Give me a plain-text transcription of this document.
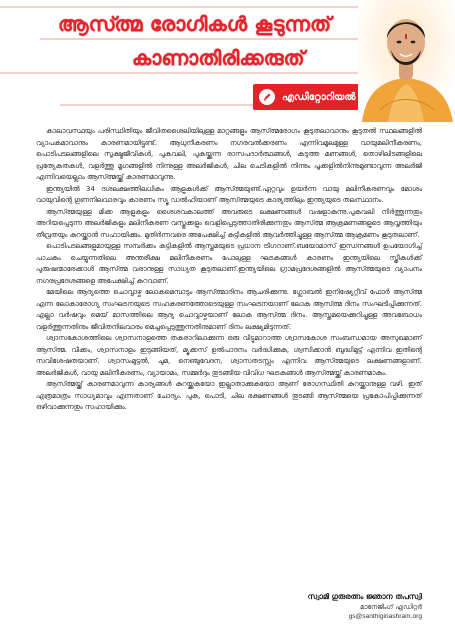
ആസ്ത്മ രോഗികൾ കൂടുന്നത്
കാണാതിരിക്കരുത്
എഡിറ്റോറിയൽ

കാലാവസ്ഥയും പരിസ്ഥിതിയും ജീവിതശൈലിയിലുള്ള മാറ്റങ്ങളും ആസ്ത്മരോഗം കൂടുതലാവാനും കൂടുതൽ സ്ഥലങ്ങളിൽ വ്യാപകമാവാനും കാരണമായിട്ടുണ്ട്. ആധുനീകരണം നഗരവൽക്കരണം എന്നിവമൂലമുള്ള വായുമലിനീകരണം, പൊടിപടലങ്ങളിലെ സൂക്ഷ്മജീവികൾ, പുകവലി, പുകയ്ക്കുന്ന രാസപദാർത്ഥങ്ങൾ, കടുത്ത മണങ്ങൾ, തൊഴിലിടങ്ങളിലെ പ്രത്യേകതകൾ, വളർത്തു മൃഗങ്ങളിൽ നിന്നുള്ള അലർജികൾ, ചില ചെടികളിൽ നിന്നും പൂക്കളിൽനിന്നുമുണ്ടാവുന്ന അലർജി എന്നിവയെല്ലാം ആസ്ത്മയ്ക്ക് കാരണമാവുന്നു.

ഇന്ത്യയിൽ 34 ദശലക്ഷത്തിലധികം ആളുകൾക്ക് ആസ്ത്മയുണ്ട്.ഏറ്റവും ഉയർന്ന വായു മലിനീകരണവും മോശം വായുവിന്റെ ഗുണനിലവാരവും കാരണം സ്യൂ ഡൽഹിയാണ് ആസ്ത്മയുടെ കാര്യത്തിലും ഇന്ത്യയുടെ തലസ്ഥാനം.

ആസ്ത്മയുള്ള മിക്ക ആളുകളും ശൈശവകാലത്ത് അവരുടെ ലക്ഷണങ്ങൾ വഷളാകുന്നു.പുകവലി നിർത്തുന്നതും അറിയപ്പെടുന്ന അലർജികളും മലിനീകരണ വസ്തുക്കളും വെളിപ്പെടുത്താതിരിക്കുന്നതും ആസ്ത്മ ആക്രമണങ്ങളുടെ ആവൃത്തിയും തീവ്രതയും കുറയ്ക്കാൻ സഹായിക്കും. മുതിർന്നവരെ അപേക്ഷിച്ച് കുട്ടികളിൽ ആവർത്തിച്ചുള്ള ആസ്ത്മ ആക്രമണം കൂടുതലാണ്.

പൊടിപടലങ്ങളുമായുള്ള സമ്പർക്കം കുട്ടികളിൽ ആസ്തമയുടെ പ്രധാന ട്രിഗറാണ്.ബയോമാസ് ഇന്ധനങ്ങൾ ഉപയോഗിച്ച് പാചകം ചെയ്യുന്നതിലെ അന്തരീക്ഷ മലിനീകരണം പോലുള്ള ഘടകങ്ങൾ കാരണം ഇന്ത്യയിലെ സ്ത്രീകൾക്ക് പുരുഷന്മാരേക്കാൾ ആസ്ത്മ വരാനുള്ള സാധ്യത കൂടുതലാണ്.ഇന്ത്യയിലെ ഗ്രാമപ്രദേശങ്ങളിൽ ആസ്ത്മയുടെ വ്യാപനം നഗരപ്രദേശങ്ങളെ അപേക്ഷിച്ച് കുറവാണ്.

മേയിലെ ആദ്യത്തെ ചൊവ്വാഴ്ച ലോകമെമ്പാടും ആസ്ത്മാദിനം ആചരിക്കുന്നു. ഗ്ലോബൽ ഇനിഷ്യേറ്റീവ് ഫോർ ആസ്ത്മ എന്ന ലോകാരോഗ്യ സംഘടനയുടെ സഹകരണത്തോടെയുള്ള സംഘടനയാണ് ലോക ആസ്ത്മ ദിനം സംഘടിപ്പിക്കുന്നത്. എല്ലാ വർഷവും മെയ് മാസത്തിലെ ആദ്യ ചൊവ്വാഴ്ചയാണ് ലോക ആസ്ത്മ ദിനം. ആസ്തമയെക്കുറിച്ചുള്ള അവബോധം വളർത്തുന്നതിനും ജീവിതനിലവാരം മെച്ചപ്പെടുത്തുന്നതിനുമാണ് ദിനം ലക്ഷ്യമിടുന്നത്.

ശ്വാസകോശത്തിലെ ശ്വാസനാളത്തെ തകരാറിലാക്കുന്ന ഒരു വിട്ടുമാറാത്ത ശ്വാസകോശ സംബന്ധമായ അസുഖമാണ് ആസ്ത്മ. വീക്കം, ശ്വാസനാളം ഇടുങ്ങിയത്, മ്യൂക്കസ് ഉൽപാദനം വർദ്ധിക്കുക, ശ്വസിക്കാൻ ബുദ്ധിമുട്ട് എന്നിവ ഇതിന്റെ സവിശേഷതയാണ്. ശ്വാസംമുട്ടൽ, ചുമ, നെഞ്ചുവേദന, ശ്വാസതടസ്സം എന്നിവ ആസ്ത്മയുടെ ലക്ഷണങ്ങളാണ്. അലർജികൾ, വായു മലിനീകരണം, വ്യായാമം, സമ്മർദ്ദം തുടങ്ങിയ വിവിധ ഘടകങ്ങൾ ആസ്ത്മയ്ക്ക് കാരണമാകും.

ആസ്ത്മയ്ക്ക് കാരണമാവുന്ന കാര്യങ്ങൾ കുറയ്ക്കുകയോ ഇല്ലാതാക്കുകയോ ആണ് രോഗസ്ഥിതി കുറയ്ക്കാനുള്ള വഴി. ഇത് എത്രമാത്രം സാധ്യമാവും എന്നതാണ് ചോദ്യം. പുക, പൊടി, ചില ഭക്ഷണങ്ങൾ തുടങ്ങി ആസ്ത്മയെ പ്രകോപിപ്പിക്കുന്നത് ഒഴിവാക്കുന്നതും സഹായിക്കും.

സ്വാമി ഗുരുരത്നം ജ്ഞാന തപസ്വി
മാനേജിംഗ് എഡിറ്റർ
gs@santhigiriashram.org
